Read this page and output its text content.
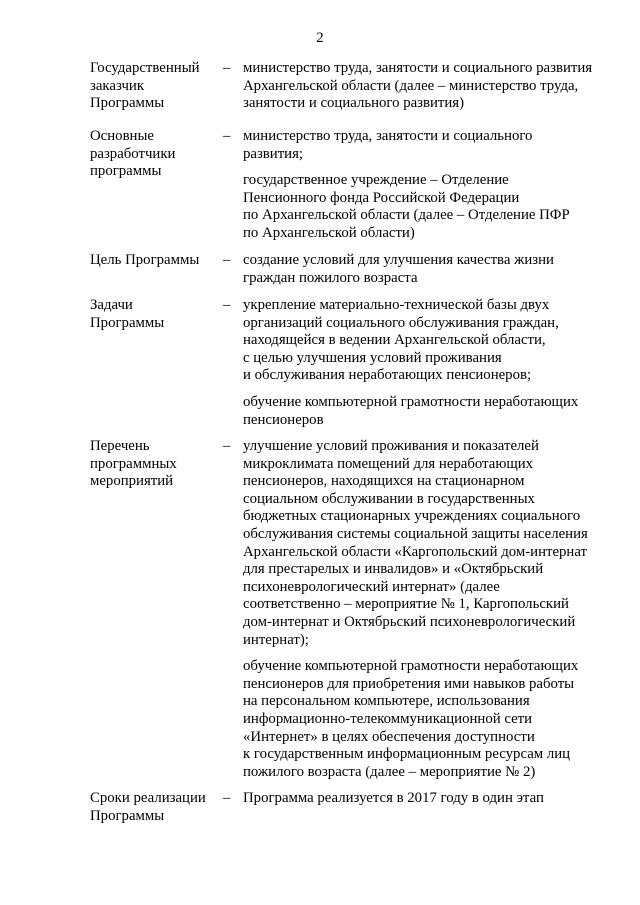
2
Государственный
заказчик
Программы
– министерство труда, занятости и социального развития
Архангельской области (далее – министерство труда,
занятости и социального развития)
Основные
разработчики
программы
– министерство труда, занятости и социального
развития;
государственное учреждение – Отделение
Пенсионного фонда Российской Федерации
по Архангельской области (далее – Отделение ПФР
по Архангельской области)
Цель Программы	– создание условий для улучшения качества жизни
граждан пожилого возраста
Задачи
Программы
– укрепление материально-технической базы двух
организаций социального обслуживания граждан,
находящейся в ведении Архангельской области,
с целью улучшения условий проживания
и обслуживания неработающих пенсионеров;
обучение компьютерной грамотности неработающих
пенсионеров
Перечень
программных
мероприятий
– улучшение условий проживания и показателей
микроклимата помещений для неработающих
пенсионеров, находящихся на стационарном
социальном обслуживании в государственных
бюджетных стационарных учреждениях социального
обслуживания системы социальной защиты населения
Архангельской области «Каргопольский дом-интернат
для престарелых и инвалидов» и «Октябрьский
психоневрологический интернат» (далее
соответственно – мероприятие № 1, Каргопольский
дом-интернат и Октябрьский психоневрологический
интернат);
обучение компьютерной грамотности неработающих
пенсионеров для приобретения ими навыков работы
на персональном компьютере, использования
информационно-телекоммуникационной сети
«Интернет» в целях обеспечения доступности
к государственным информационным ресурсам лиц
пожилого возраста (далее – мероприятие № 2)
Сроки реализации
Программы
– Программа реализуется в 2017 году в один этап
